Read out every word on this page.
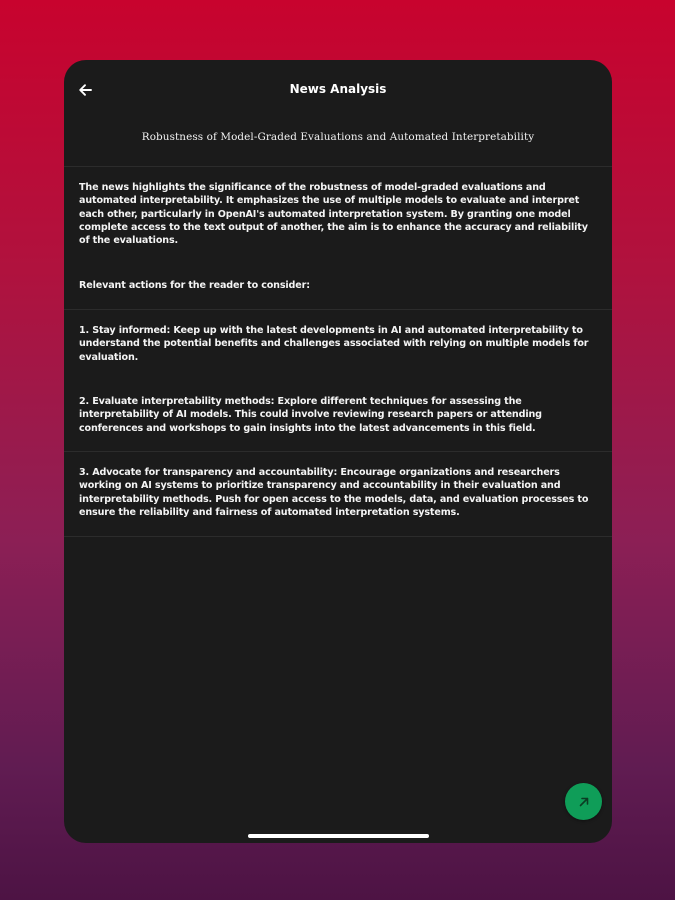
News Analysis
Robustness of Model-Graded Evaluations and Automated Interpretability
The news highlights the significance of the robustness of model-graded evaluations and automated interpretability. It emphasizes the use of multiple models to evaluate and interpret each other, particularly in OpenAI's automated interpretation system. By granting one model complete access to the text output of another, the aim is to enhance the accuracy and reliability of the evaluations.
Relevant actions for the reader to consider:
1. Stay informed: Keep up with the latest developments in AI and automated interpretability to understand the potential benefits and challenges associated with relying on multiple models for evaluation.
2. Evaluate interpretability methods: Explore different techniques for assessing the interpretability of AI models. This could involve reviewing research papers or attending conferences and workshops to gain insights into the latest advancements in this field.
3. Advocate for transparency and accountability: Encourage organizations and researchers working on AI systems to prioritize transparency and accountability in their evaluation and interpretability methods. Push for open access to the models, data, and evaluation processes to ensure the reliability and fairness of automated interpretation systems.
